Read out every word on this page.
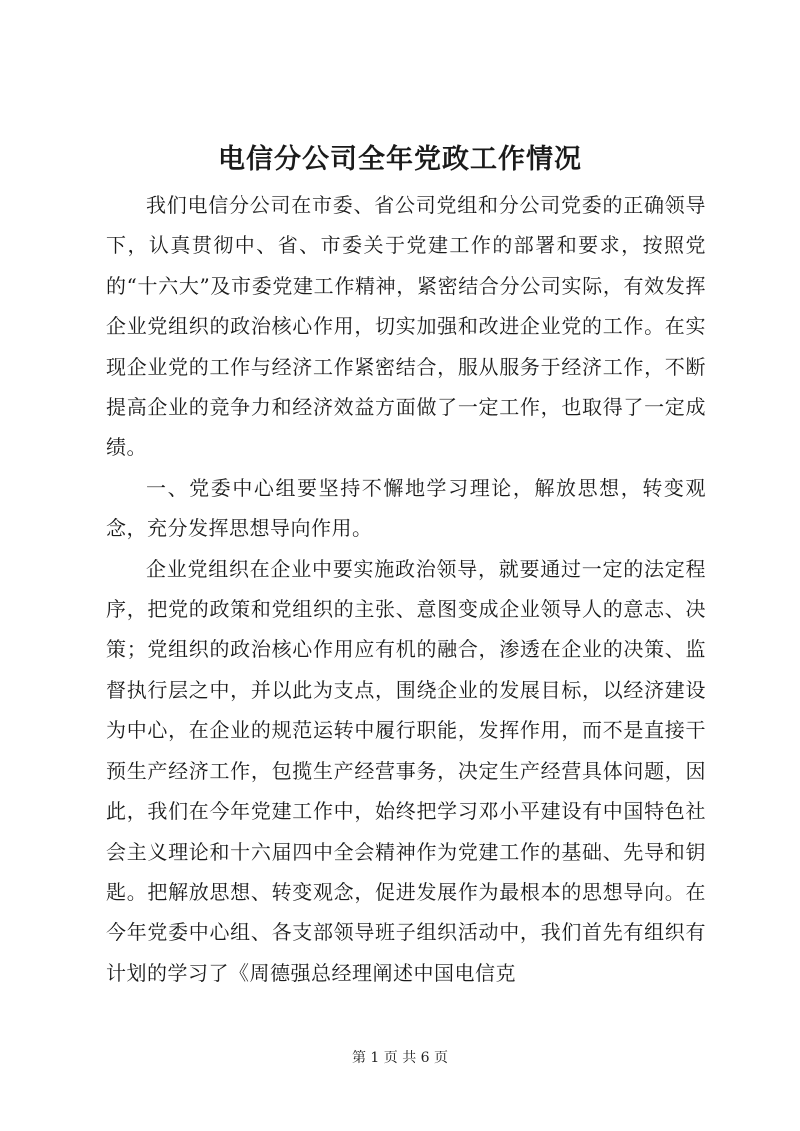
电信分公司全年党政工作情况

我们电信分公司在市委、省公司党组和分公司党委的正确领导下，认真贯彻中、省、市委关于党建工作的部署和要求，按照党的“十六大”及市委党建工作精神，紧密结合分公司实际，有效发挥企业党组织的政治核心作用，切实加强和改进企业党的工作。在实现企业党的工作与经济工作紧密结合，服从服务于经济工作，不断提高企业的竞争力和经济效益方面做了一定工作，也取得了一定成绩。

一、党委中心组要坚持不懈地学习理论，解放思想，转变观念，充分发挥思想导向作用。

企业党组织在企业中要实施政治领导，就要通过一定的法定程序，把党的政策和党组织的主张、意图变成企业领导人的意志、决策；党组织的政治核心作用应有机的融合，渗透在企业的决策、监督执行层之中，并以此为支点，围绕企业的发展目标，以经济建设为中心，在企业的规范运转中履行职能，发挥作用，而不是直接干预生产经济工作，包揽生产经营事务，决定生产经营具体问题，因此，我们在今年党建工作中，始终把学习邓小平建设有中国特色社会主义理论和十六届四中全会精神作为党建工作的基础、先导和钥匙。把解放思想、转变观念，促进发展作为最根本的思想导向。在今年党委中心组、各支部领导班子组织活动中，我们首先有组织有计划的学习了《周德强总经理阐述中国电信克

第 1 页 共 6 页
